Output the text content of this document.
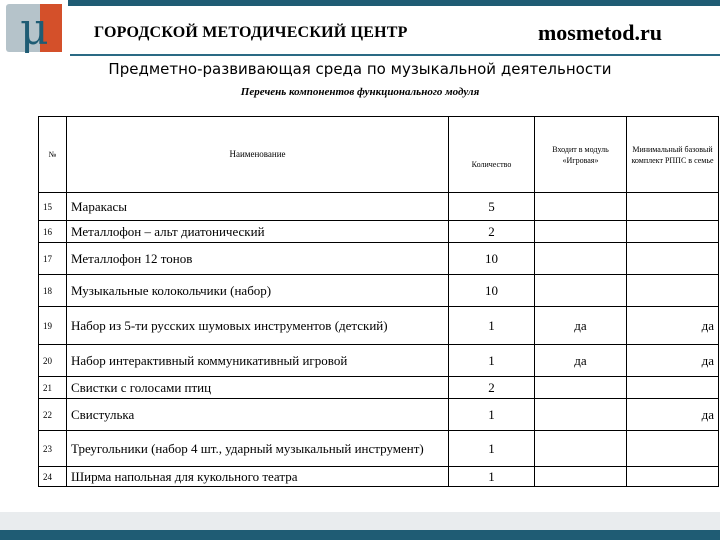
μ	ГОРОДСКОЙ МЕТОДИЧЕСКИЙ ЦЕНТР	mosmetod.ru
Предметно-развивающая среда по музыкальной деятельности
Перечень компонентов функционального модуля
№	Наименование	Количество	Входит в модуль «Игровая»	Минимальный базовый комплект РППС в семье
15	Маракасы	5		
16	Металлофон – альт диатонический	2		
17	Металлофон 12 тонов	10		
18	Музыкальные колокольчики (набор)	10		
19	Набор из 5-ти русских шумовых инструментов (детский)	1	да	да
20	Набор интерактивный коммуникативный игровой	1	да	да
21	Свистки с голосами птиц	2		
22	Свистулька	1		да
23	Треугольники (набор 4 шт., ударный музыкальный инструмент)	1		
24	Ширма напольная для кукольного театра	1		
